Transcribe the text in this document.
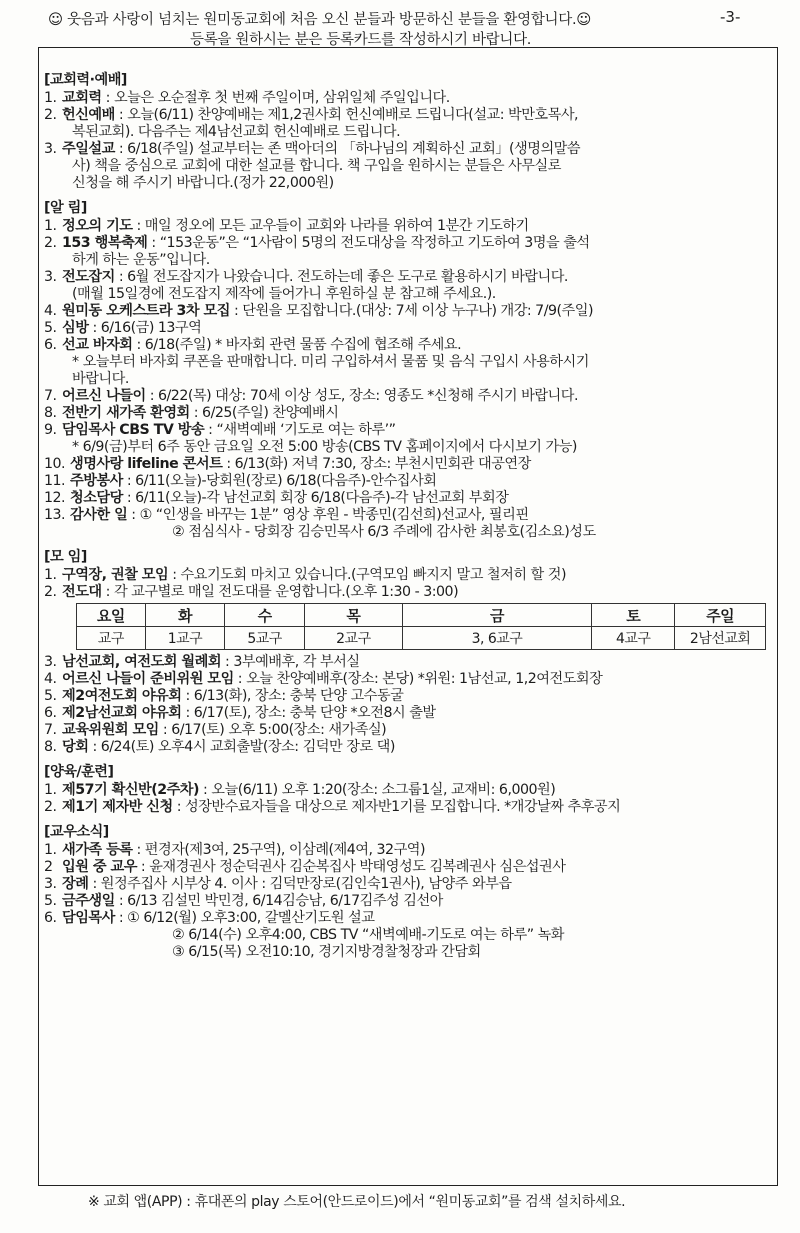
☺ 웃음과 사랑이 넘치는 원미동교회에 처음 오신 분들과 방문하신 분들을 환영합니다.☺	-3-
등록을 원하시는 분은 등록카드를 작성하시기 바랍니다.
[교회력·예배]
1. 교회력 : 오늘은 오순절후 첫 번째 주일이며, 삼위일체 주일입니다.
2. 헌신예배 : 오늘(6/11) 찬양예배는 제1,2권사회 헌신예배로 드립니다(설교: 박만호목사,
복된교회). 다음주는 제4남선교회 헌신예배로 드립니다.
3. 주일설교 : 6/18(주일) 설교부터는 존 맥아더의 「하나님의 계획하신 교회」(생명의말씀
사) 책을 중심으로 교회에 대한 설교를 합니다. 책 구입을 원하시는 분들은 사무실로
신청을 해 주시기 바랍니다.(정가 22,000원)
[알 림]
1. 정오의 기도 : 매일 정오에 모든 교우들이 교회와 나라를 위하여 1분간 기도하기
2. 153 행복축제 : “153운동”은 “1사람이 5명의 전도대상을 작정하고 기도하여 3명을 출석
하게 하는 운동”입니다.
3. 전도잡지 : 6월 전도잡지가 나왔습니다. 전도하는데 좋은 도구로 활용하시기 바랍니다.
(매월 15일경에 전도잡지 제작에 들어가니 후원하실 분 참고해 주세요.).
4. 원미동 오케스트라 3차 모집 : 단원을 모집합니다.(대상: 7세 이상 누구나) 개강: 7/9(주일)
5. 심방 : 6/16(금) 13구역
6. 선교 바자회 : 6/18(주일) * 바자회 관련 물품 수집에 협조해 주세요.
* 오늘부터 바자회 쿠폰을 판매합니다. 미리 구입하셔서 물품 및 음식 구입시 사용하시기
바랍니다.
7. 어르신 나들이 : 6/22(목) 대상: 70세 이상 성도, 장소: 영종도 *신청해 주시기 바랍니다.
8. 전반기 새가족 환영회 : 6/25(주일) 찬양예배시
9. 담임목사 CBS TV 방송 : “새벽예배 ‘기도로 여는 하루’”
* 6/9(금)부터 6주 동안 금요일 오전 5:00 방송(CBS TV 홈페이지에서 다시보기 가능)
10. 생명사랑 lifeline 콘서트 : 6/13(화) 저녁 7:30, 장소: 부천시민회관 대공연장
11. 주방봉사 : 6/11(오늘)-당회원(장로) 6/18(다음주)-안수집사회
12. 청소담당 : 6/11(오늘)-각 남선교회 회장 6/18(다음주)-각 남선교회 부회장
13. 감사한 일 : ① “인생을 바꾸는 1분” 영상 후원 - 박종민(김선희)선교사, 필리핀
② 점심식사 - 당회장 김승민목사 6/3 주례에 감사한 최봉호(김소요)성도
[모 임]
1. 구역장, 권찰 모임 : 수요기도회 마치고 있습니다.(구역모임 빠지지 말고 철저히 할 것)
2. 전도대 : 각 교구별로 매일 전도대를 운영합니다.(오후 1:30 - 3:00)
요일	화	수	목	금	토	주일
교구	1교구	5교구	2교구	3, 6교구	4교구	2남선교회
3. 남선교회, 여전도회 월례회 : 3부예배후, 각 부서실
4. 어르신 나들이 준비위원 모임 : 오늘 찬양예배후(장소: 본당) *위원: 1남선교, 1,2여전도회장
5. 제2여전도회 야유회 : 6/13(화), 장소: 충북 단양 고수동굴
6. 제2남선교회 야유회 : 6/17(토), 장소: 충북 단양 *오전8시 출발
7. 교육위원회 모임 : 6/17(토) 오후 5:00(장소: 새가족실)
8. 당회 : 6/24(토) 오후4시 교회출발(장소: 김덕만 장로 댁)
[양육/훈련]
1. 제57기 확신반(2주차) : 오늘(6/11) 오후 1:20(장소: 소그룹1실, 교재비: 6,000원)
2. 제1기 제자반 신청 : 성장반수료자들을 대상으로 제자반1기를 모집합니다. *개강날짜 추후공지
[교우소식]
1. 새가족 등록 : 편경자(제3여, 25구역), 이삼례(제4여, 32구역)
2 입원 중 교우 : 윤재경권사 정순덕권사 김순복집사 박태영성도 김복례권사 심은섭권사
3. 장례 : 원정주집사 시부상 4. 이사 : 김덕만장로(김인숙1권사), 남양주 와부읍
5. 금주생일 : 6/13 김설민 박민경, 6/14김승남, 6/17김주성 김선아
6. 담임목사 : ① 6/12(월) 오후3:00, 갈멜산기도원 설교
② 6/14(수) 오후4:00, CBS TV “새벽예배-기도로 여는 하루” 녹화
③ 6/15(목) 오전10:10, 경기지방경찰청장과 간담회
※ 교회 앱(APP) : 휴대폰의 play 스토어(안드로이드)에서 “원미동교회”를 검색 설치하세요.
